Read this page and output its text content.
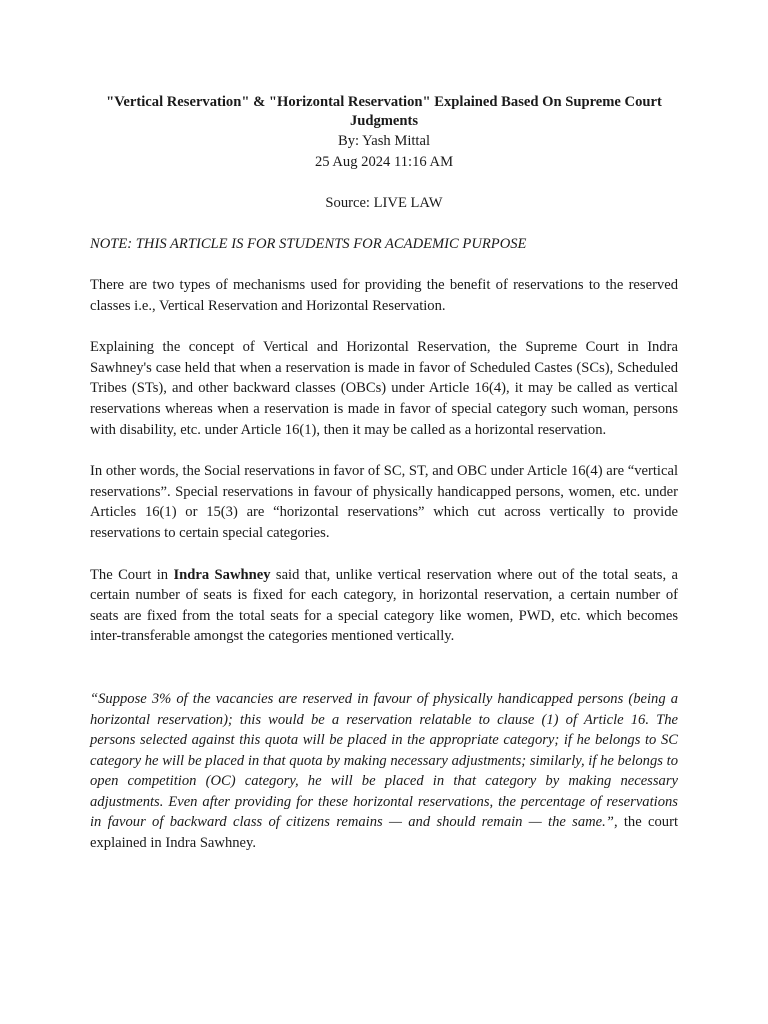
"Vertical Reservation" & "Horizontal Reservation" Explained Based On Supreme Court Judgments

By: Yash Mittal

25 Aug 2024 11:16 AM

Source: LIVE LAW

NOTE: THIS ARTICLE IS FOR STUDENTS FOR ACADEMIC PURPOSE

There are two types of mechanisms used for providing the benefit of reservations to the reserved classes i.e., Vertical Reservation and Horizontal Reservation.

Explaining the concept of Vertical and Horizontal Reservation, the Supreme Court in Indra Sawhney's case held that when a reservation is made in favor of Scheduled Castes (SCs), Scheduled Tribes (STs), and other backward classes (OBCs) under Article 16(4), it may be called as vertical reservations whereas when a reservation is made in favor of special category such woman, persons with disability, etc. under Article 16(1), then it may be called as a horizontal reservation.

In other words, the Social reservations in favor of SC, ST, and OBC under Article 16(4) are “vertical reservations”. Special reservations in favour of physically handicapped persons, women, etc. under Articles 16(1) or 15(3) are “horizontal reservations” which cut across vertically to provide reservations to certain special categories.

The Court in Indra Sawhney said that, unlike vertical reservation where out of the total seats, a certain number of seats is fixed for each category, in horizontal reservation, a certain number of seats are fixed from the total seats for a special category like women, PWD, etc. which becomes inter-transferable amongst the categories mentioned vertically.

“Suppose 3% of the vacancies are reserved in favour of physically handicapped persons (being a horizontal reservation); this would be a reservation relatable to clause (1) of Article 16. The persons selected against this quota will be placed in the appropriate category; if he belongs to SC category he will be placed in that quota by making necessary adjustments; similarly, if he belongs to open competition (OC) category, he will be placed in that category by making necessary adjustments. Even after providing for these horizontal reservations, the percentage of reservations in favour of backward class of citizens remains — and should remain — the same.”, the court explained in Indra Sawhney.
